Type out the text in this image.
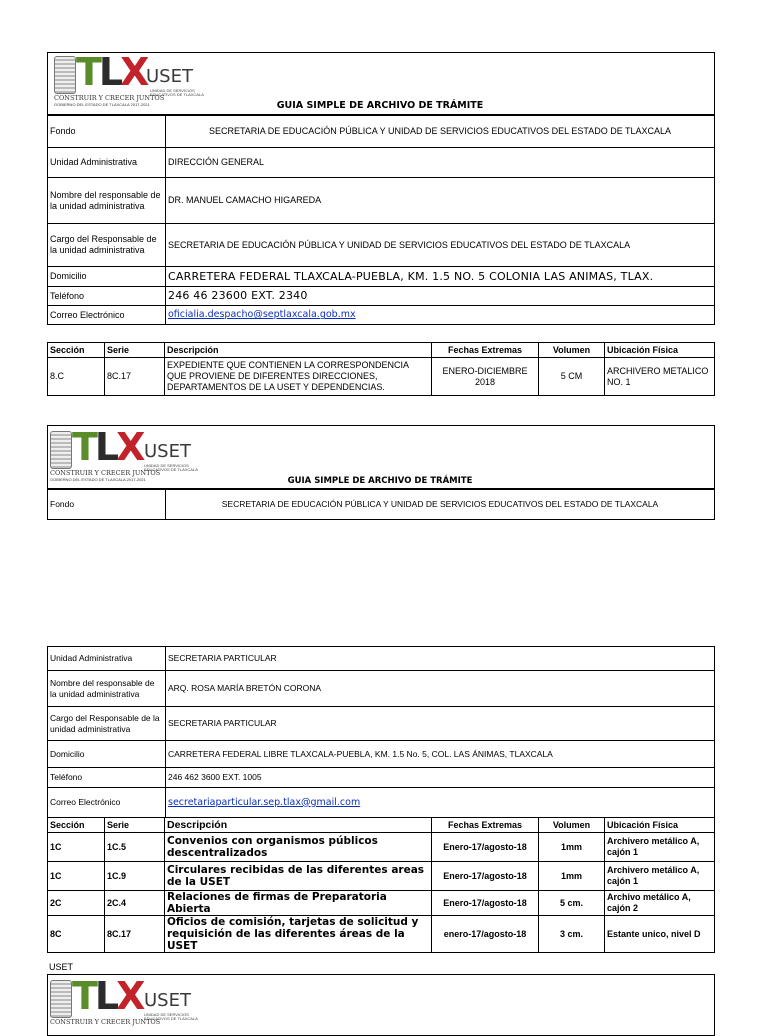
TLX
CONSTRUIR Y CRECER JUNTOS
GOBIERNO DEL ESTADO DE TLAXCALA 2017-2021
USET
UNIDAD DE SERVICIOS
EDUCATIVOS DE TLAXCALA
GUIA SIMPLE DE ARCHIVO DE TRÁMITE
Fondo	SECRETARIA DE EDUCACIÓN PÚBLICA Y UNIDAD DE SERVICIOS EDUCATIVOS DEL ESTADO DE TLAXCALA
Unidad Administrativa	DIRECCIÓN GENERAL
Nombre del responsable de la unidad administrativa	DR. MANUEL CAMACHO HIGAREDA
Cargo del Responsable de la unidad administrativa	SECRETARIA DE EDUCACIÓN PÚBLICA Y UNIDAD DE SERVICIOS EDUCATIVOS DEL ESTADO DE TLAXCALA
Domicilio	CARRETERA FEDERAL TLAXCALA-PUEBLA, KM. 1.5 NO. 5 COLONIA LAS ANIMAS, TLAX.
Teléfono	246 46 23600 EXT. 2340
Correo Electrónico	oficialia.despacho@septlaxcala.gob.mx
Sección	Serie	Descripción	Fechas Extremas	Volumen	Ubicación Física
8.C	8C.17	EXPEDIENTE QUE CONTIENEN LA CORRESPONDENCIA QUE PROVIENE DE DIFERENTES DIRECCIONES, DEPARTAMENTOS DE LA USET Y DEPENDENCIAS.	ENERO-DICIEMBRE 2018	5 CM	ARCHIVERO METALICO NO. 1
TLX
CONSTRUIR Y CRECER JUNTOS
GOBIERNO DEL ESTADO DE TLAXCALA 2017-2021
USET
UNIDAD DE SERVICIOS
EDUCATIVOS DE TLAXCALA
GUIA SIMPLE DE ARCHIVO DE TRÁMITE
Fondo	SECRETARIA DE EDUCACIÓN PÚBLICA Y UNIDAD DE SERVICIOS EDUCATIVOS DEL ESTADO DE TLAXCALA
Unidad Administrativa	SECRETARIA PARTICULAR
Nombre del responsable de la unidad administrativa	ARQ. ROSA MARÍA BRETÓN CORONA
Cargo del Responsable de la unidad administrativa	SECRETARIA PARTICULAR
Domicilio	CARRETERA FEDERAL LIBRE TLAXCALA-PUEBLA, KM. 1.5 No. 5, COL. LAS ÁNIMAS, TLAXCALA
Teléfono	246 462 3600 EXT. 1005
Correo Electrónico	secretariaparticular.sep.tlax@gmail.com
Sección	Serie	Descripción	Fechas Extremas	Volumen	Ubicación Física
1C	1C.5	Convenios con organismos públicos descentralizados	Enero-17/agosto-18	1mm	Archivero metálico A, cajón 1
1C	1C.9	Circulares recibidas de las diferentes areas de la USET	Enero-17/agosto-18	1mm	Archivero metálico A, cajón 1
2C	2C.4	Relaciones de firmas de Preparatoria Abierta	Enero-17/agosto-18	5 cm.	Archivo metálico A, cajón 2
8C	8C.17	Oficios de comisión, tarjetas de solicitud y requisición de las diferentes áreas de la USET	enero-17/agosto-18	3 cm.	Estante unico, nivel D
USET
TLX
CONSTRUIR Y CRECER JUNTOS
USET
UNIDAD DE SERVICIOS
EDUCATIVOS DE TLAXCALA
